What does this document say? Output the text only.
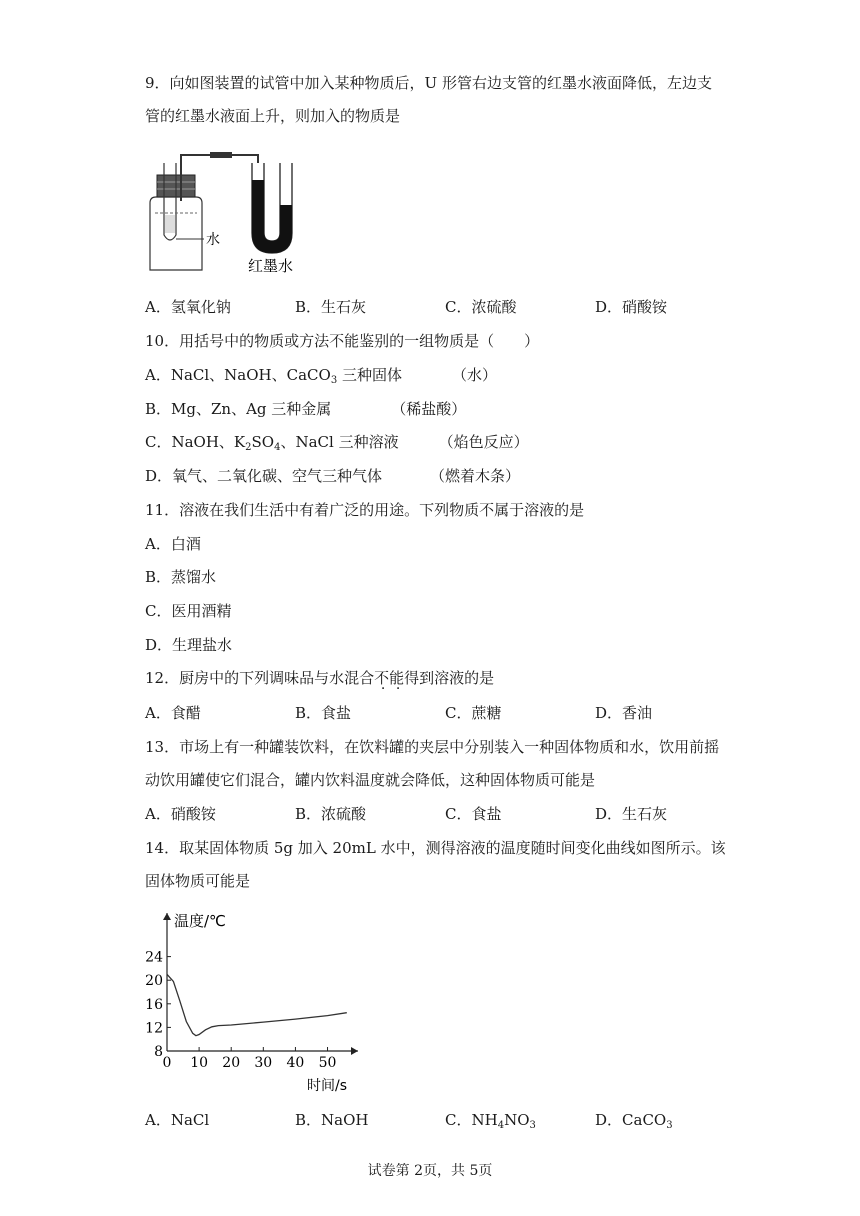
9．向如图装置的试管中加入某种物质后，U 形管右边支管的红墨水液面降低，左边支
管的红墨水液面上升，则加入的物质是
水
红墨水
A．氢氧化钠	B．生石灰	C．浓硫酸	D．硝酸铵
10．用括号中的物质或方法不能鉴别的一组物质是（　　）
A．NaCl、NaOH、CaCO$_3$ 三种固体	（水）
B．Mg、Zn、Ag 三种金属	（稀盐酸）
C．NaOH、$K_2SO_4$、NaCl 三种溶液	（焰色反应）
D．氧气、二氧化碳、空气三种气体	（燃着木条）
11．溶液在我们生活中有着广泛的用途。下列物质不属于溶液的是
A．白酒
B．蒸馏水
C．医用酒精
D．生理盐水
12．厨房中的下列调味品与水混合不能得到溶液的是
A．食醋	B．食盐	C．蔗糖	D．香油
13．市场上有一种罐装饮料，在饮料罐的夹层中分别装入一种固体物质和水，饮用前摇
动饮用罐使它们混合，罐内饮料温度就会降低，这种固体物质可能是
A．硝酸铵	B．浓硫酸	C．食盐	D．生石灰
14．取某固体物质 5g 加入 20mL 水中，测得溶液的温度随时间变化曲线如图所示。该
固体物质可能是
0 10 20 30 40 50
8
12
16
20
24
温度/℃
时间/s
A．NaCl	B．NaOH	C．$NH_4NO_3$	D．CaCO$_3$
试卷第 2页，共 5页
